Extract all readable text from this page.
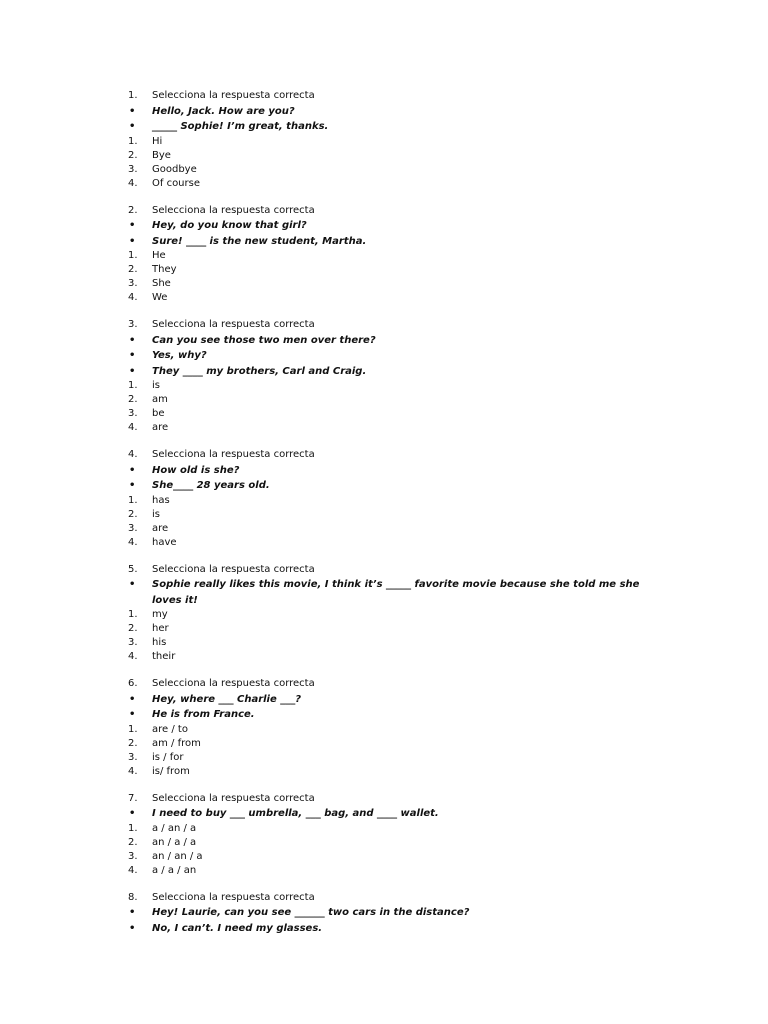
1.	Selecciona la respuesta correcta
•	Hello, Jack. How are you?
•	_____ Sophie! I’m great, thanks.
1.	Hi
2.	Bye
3.	Goodbye
4.	Of course
2.	Selecciona la respuesta correcta
•	Hey, do you know that girl?
•	Sure! ____ is the new student, Martha.
1.	He
2.	They
3.	She
4.	We
3.	Selecciona la respuesta correcta
•	Can you see those two men over there?
•	Yes, why?
•	They ____ my brothers, Carl and Craig.
1.	is
2.	am
3.	be
4.	are
4.	Selecciona la respuesta correcta
•	How old is she?
•	She____ 28 years old.
1.	has
2.	is
3.	are
4.	have
5.	Selecciona la respuesta correcta
•	Sophie really likes this movie, I think it’s _____ favorite movie because she told me she loves it!
1.	my
2.	her
3.	his
4.	their
6.	Selecciona la respuesta correcta
•	Hey, where ___ Charlie ___?
•	He is from France.
1.	are / to
2.	am / from
3.	is / for
4.	is/ from
7.	Selecciona la respuesta correcta
•	I need to buy ___ umbrella, ___ bag, and ____ wallet.
1.	a / an / a
2.	an / a / a
3.	an / an / a
4.	a / a / an
8.	Selecciona la respuesta correcta
•	Hey! Laurie, can you see ______ two cars in the distance?
•	No, I can’t. I need my glasses.
